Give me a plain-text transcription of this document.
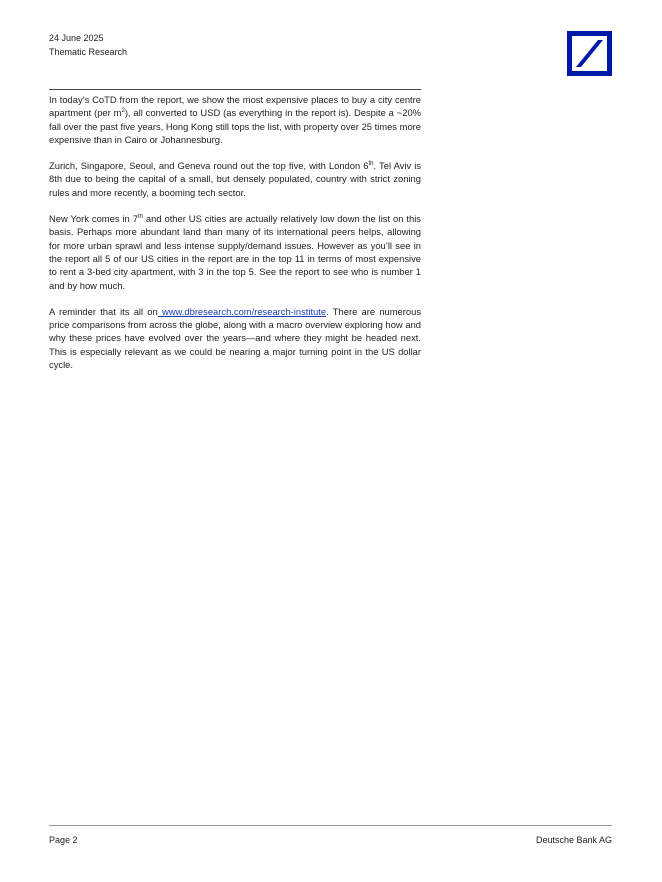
24 June 2025
Thematic Research

In today’s CoTD from the report, we show the most expensive places to buy a city centre apartment (per $m^2$), all converted to USD (as everything in the report is). Despite a ~20% fall over the past five years, Hong Kong still tops the list, with property over 25 times more expensive than in Cairo or Johannesburg.

Zurich, Singapore, Seoul, and Geneva round out the top five, with London 6th. Tel Aviv is 8th due to being the capital of a small, but densely populated, country with strict zoning rules and more recently, a booming tech sector.

New York comes in 7th and other US cities are actually relatively low down the list on this basis. Perhaps more abundant land than many of its international peers helps, allowing for more urban sprawl and less intense supply/demand issues. However as you’ll see in the report all 5 of our US cities in the report are in the top 11 in terms of most expensive to rent a 3-bed city apartment, with 3 in the top 5. See the report to see who is number 1 and by how much.

A reminder that its all on www.dbresearch.com/research-institute. There are numerous price comparisons from across the globe, along with a macro overview exploring how and why these prices have evolved over the years—and where they might be headed next. This is especially relevant as we could be nearing a major turning point in the US dollar cycle.

Page 2	Deutsche Bank AG
